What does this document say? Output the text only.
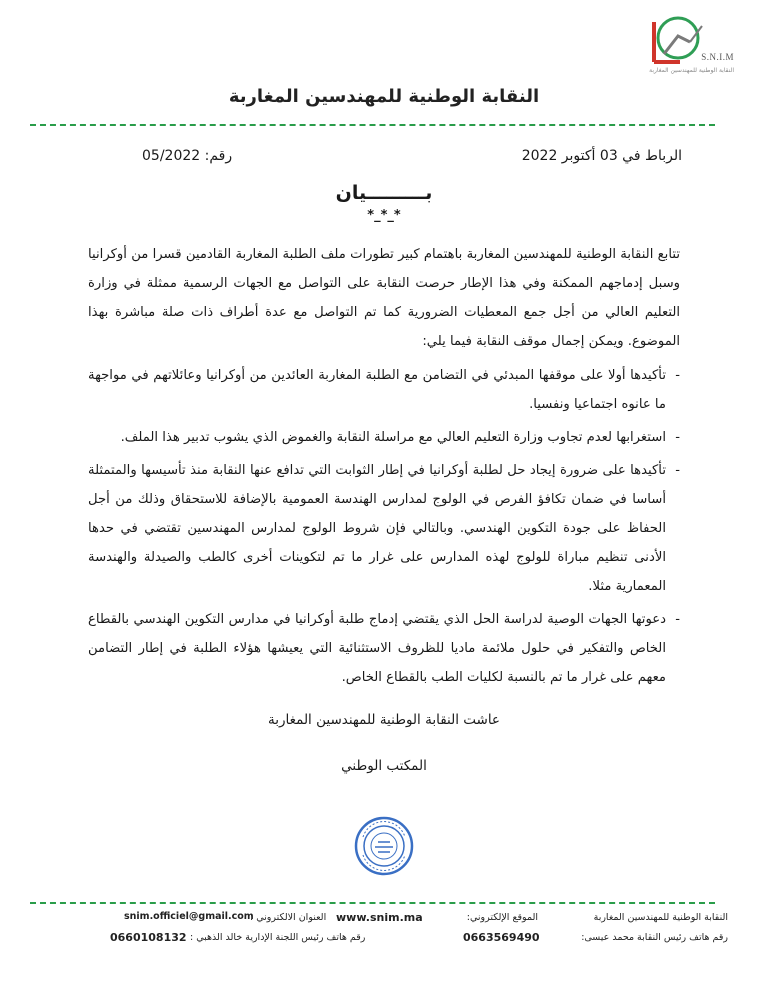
S.N.I.M
النقابة الوطنية للمهندسين المغاربة
النقابة الوطنية للمهندسين المغاربة
الرباط في 03 أكتوبر 2022
رقم: 05/2022
بـــــــــيان
*_*_*

تتابع النقابة الوطنية للمهندسين المغاربة باهتمام كبير تطورات ملف الطلبة المغاربة القادمين قسرا من أوكرانيا وسبل إدماجهم الممكنة وفي هذا الإطار حرصت النقابة على التواصل مع الجهات الرسمية ممثلة في وزارة التعليم العالي من أجل جمع المعطيات الضرورية كما تم التواصل مع عدة أطراف ذات صلة مباشرة بهذا الموضوع. ويمكن إجمال موقف النقابة فيما يلي:

-
تأكيدها أولا على موقفها المبدئي في التضامن مع الطلبة المغاربة العائدين من أوكرانيا وعائلاتهم في مواجهة ما عانوه اجتماعيا ونفسيا.
-
استغرابها لعدم تجاوب وزارة التعليم العالي مع مراسلة النقابة والغموض الذي يشوب تدبير هذا الملف.
-
تأكيدها على ضرورة إيجاد حل لطلبة أوكرانيا في إطار الثوابت التي تدافع عنها النقابة منذ تأسيسها والمتمثلة أساسا في ضمان تكافؤ الفرص في الولوج لمدارس الهندسة العمومية بالإضافة للاستحقاق وذلك من أجل الحفاظ على جودة التكوين الهندسي. وبالتالي فإن شروط الولوج لمدارس المهندسين تقتضي في حدها الأدنى تنظيم مباراة للولوج لهذه المدارس على غرار ما تم لتكوينات أخرى كالطب والصيدلة والهندسة المعمارية مثلا.
-
دعوتها الجهات الوصية لدراسة الحل الذي يقتضي إدماج طلبة أوكرانيا في مدارس التكوين الهندسي بالقطاع الخاص والتفكير في حلول ملائمة ماديا للظروف الاستثنائية التي يعيشها هؤلاء الطلبة في إطار التضامن معهم على غرار ما تم بالنسبة لكليات الطب بالقطاع الخاص.
عاشت النقابة الوطنية للمهندسين المغاربة
المكتب الوطني
النقابة الوطنية للمهندسين المغاربة
الموقع الإلكتروني:
www.snim.ma
العنوان الالكتروني :
snim.officiel@gmail.com
رقم هاتف رئيس النقابة محمد عيسى:
0663569490
رقم هاتف رئيس اللجنة الإدارية خالد الذهبي :
0660108132
